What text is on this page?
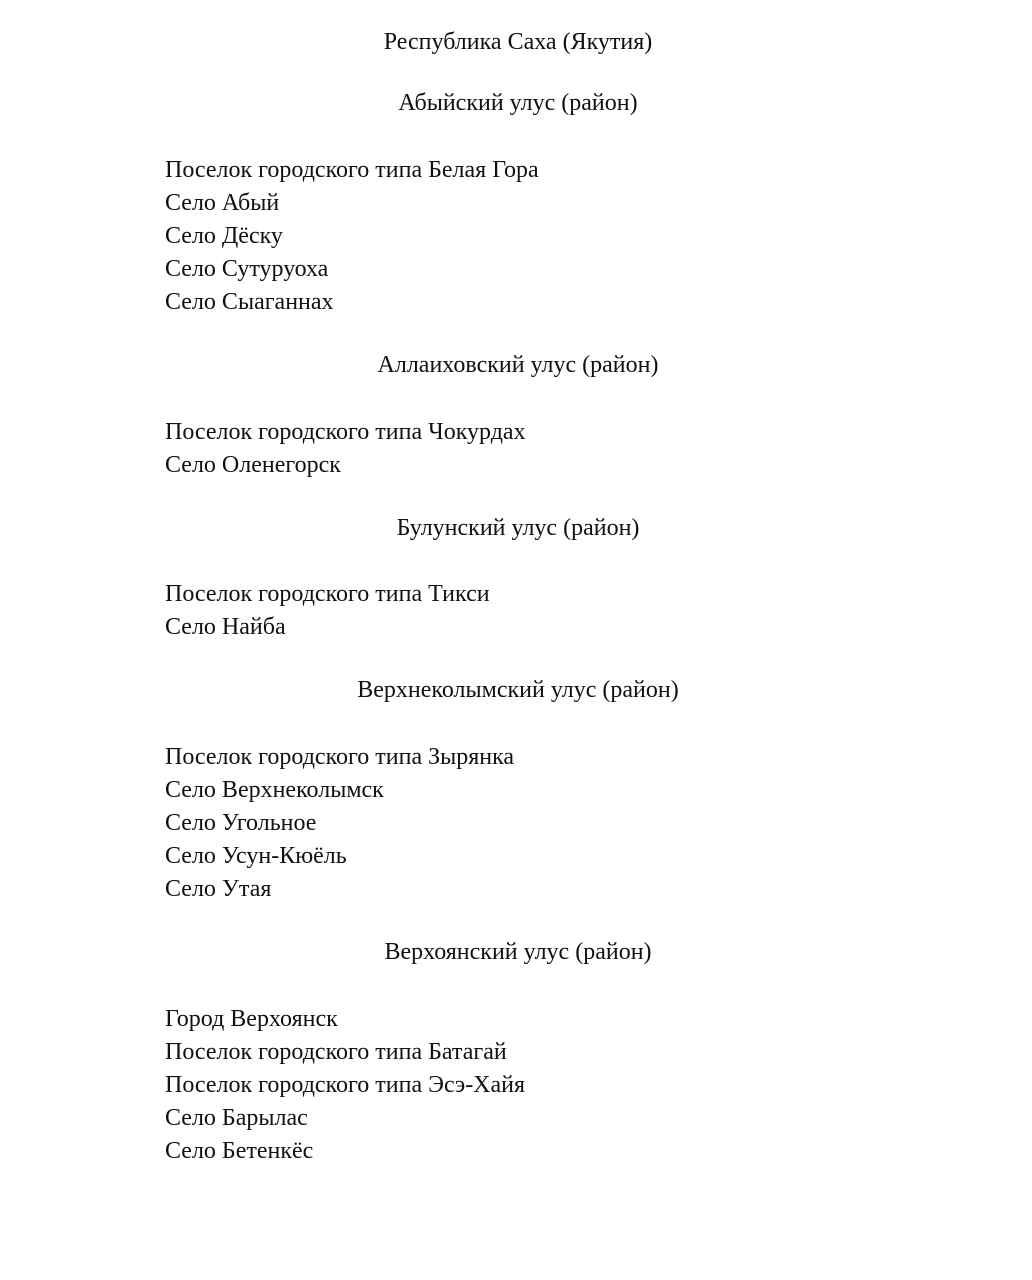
Республика Саха (Якутия)
Абыйский улус (район)
Поселок городского типа Белая Гора
Село Абый
Село Дёску
Село Сутуруоха
Село Сыаганнах
Аллаиховский улус (район)
Поселок городского типа Чокурдах
Село Оленегорск
Булунский улус (район)
Поселок городского типа Тикси
Село Найба
Верхнеколымский улус (район)
Поселок городского типа Зырянка
Село Верхнеколымск
Село Угольное
Село Усун-Кюёль
Село Утая
Верхоянский улус (район)
Город Верхоянск
Поселок городского типа Батагай
Поселок городского типа Эсэ-Хайя
Село Барылас
Село Бетенкёс
